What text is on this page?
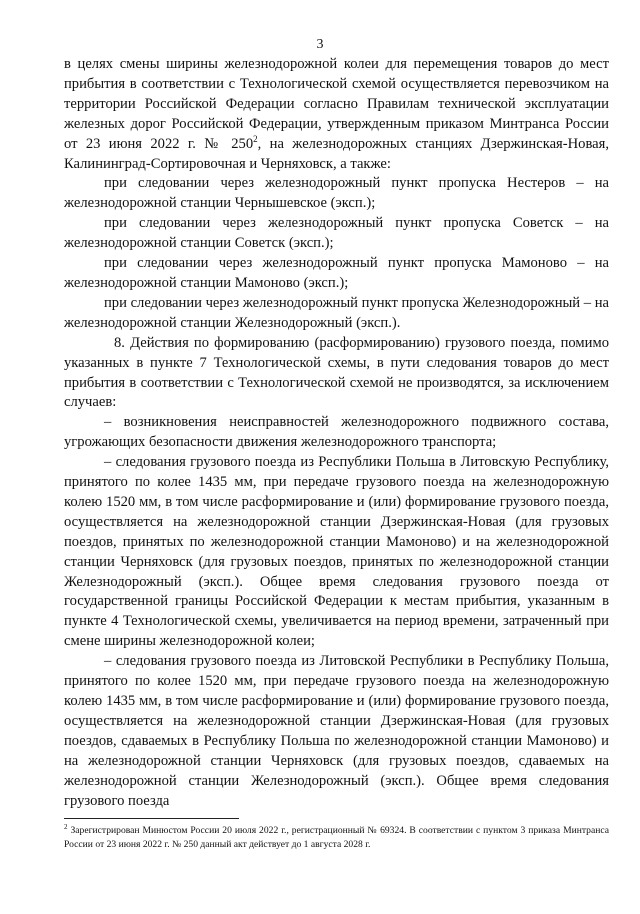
3

в целях смены ширины железнодорожной колеи для перемещения товаров до мест прибытия в соответствии с Технологической схемой осуществляется перевозчиком на территории Российской Федерации согласно Правилам технической эксплуатации железных дорог Российской Федерации, утвержденным приказом Минтранса России от 23 июня 2022 г. № $250^2$, на железнодорожных станциях Дзержинская-Новая, Калининград-Сортировочная и Черняховск, а также:

при следовании через железнодорожный пункт пропуска Нестеров – на железнодорожной станции Чернышевское (эксп.);

при следовании через железнодорожный пункт пропуска Советск – на железнодорожной станции Советск (эксп.);

при следовании через железнодорожный пункт пропуска Мамоново – на железнодорожной станции Мамоново (эксп.);

при следовании через железнодорожный пункт пропуска Железнодорожный – на железнодорожной станции Железнодорожный (эксп.).

8. Действия по формированию (расформированию) грузового поезда, помимо указанных в пункте 7 Технологической схемы, в пути следования товаров до мест прибытия в соответствии с Технологической схемой не производятся, за исключением случаев:

– возникновения неисправностей железнодорожного подвижного состава, угрожающих безопасности движения железнодорожного транспорта;

– следования грузового поезда из Республики Польша в Литовскую Республику, принятого по колее 1435 мм, при передаче грузового поезда на железнодорожную колею 1520 мм, в том числе расформирование и (или) формирование грузового поезда, осуществляется на железнодорожной станции Дзержинская-Новая (для грузовых поездов, принятых по железнодорожной станции Мамоново) и на железнодорожной станции Черняховск (для грузовых поездов, принятых по железнодорожной станции Железнодорожный (эксп.). Общее время следования грузового поезда от государственной границы Российской Федерации к местам прибытия, указанным в пункте 4 Технологической схемы, увеличивается на период времени, затраченный при смене ширины железнодорожной колеи;

– следования грузового поезда из Литовской Республики в Республику Польша, принятого по колее 1520 мм, при передаче грузового поезда на железнодорожную колею 1435 мм, в том числе расформирование и (или) формирование грузового поезда, осуществляется на железнодорожной станции Дзержинская-Новая (для грузовых поездов, сдаваемых в Республику Польша по железнодорожной станции Мамоново) и на железнодорожной станции Черняховск (для грузовых поездов, сдаваемых на железнодорожной станции Железнодорожный (эксп.). Общее время следования грузового поезда

$^2$ Зарегистрирован Минюстом России 20 июля 2022 г., регистрационный № 69324. В соответствии с пунктом 3 приказа Минтранса России от 23 июня 2022 г. № 250 данный акт действует до 1 августа 2028 г.
